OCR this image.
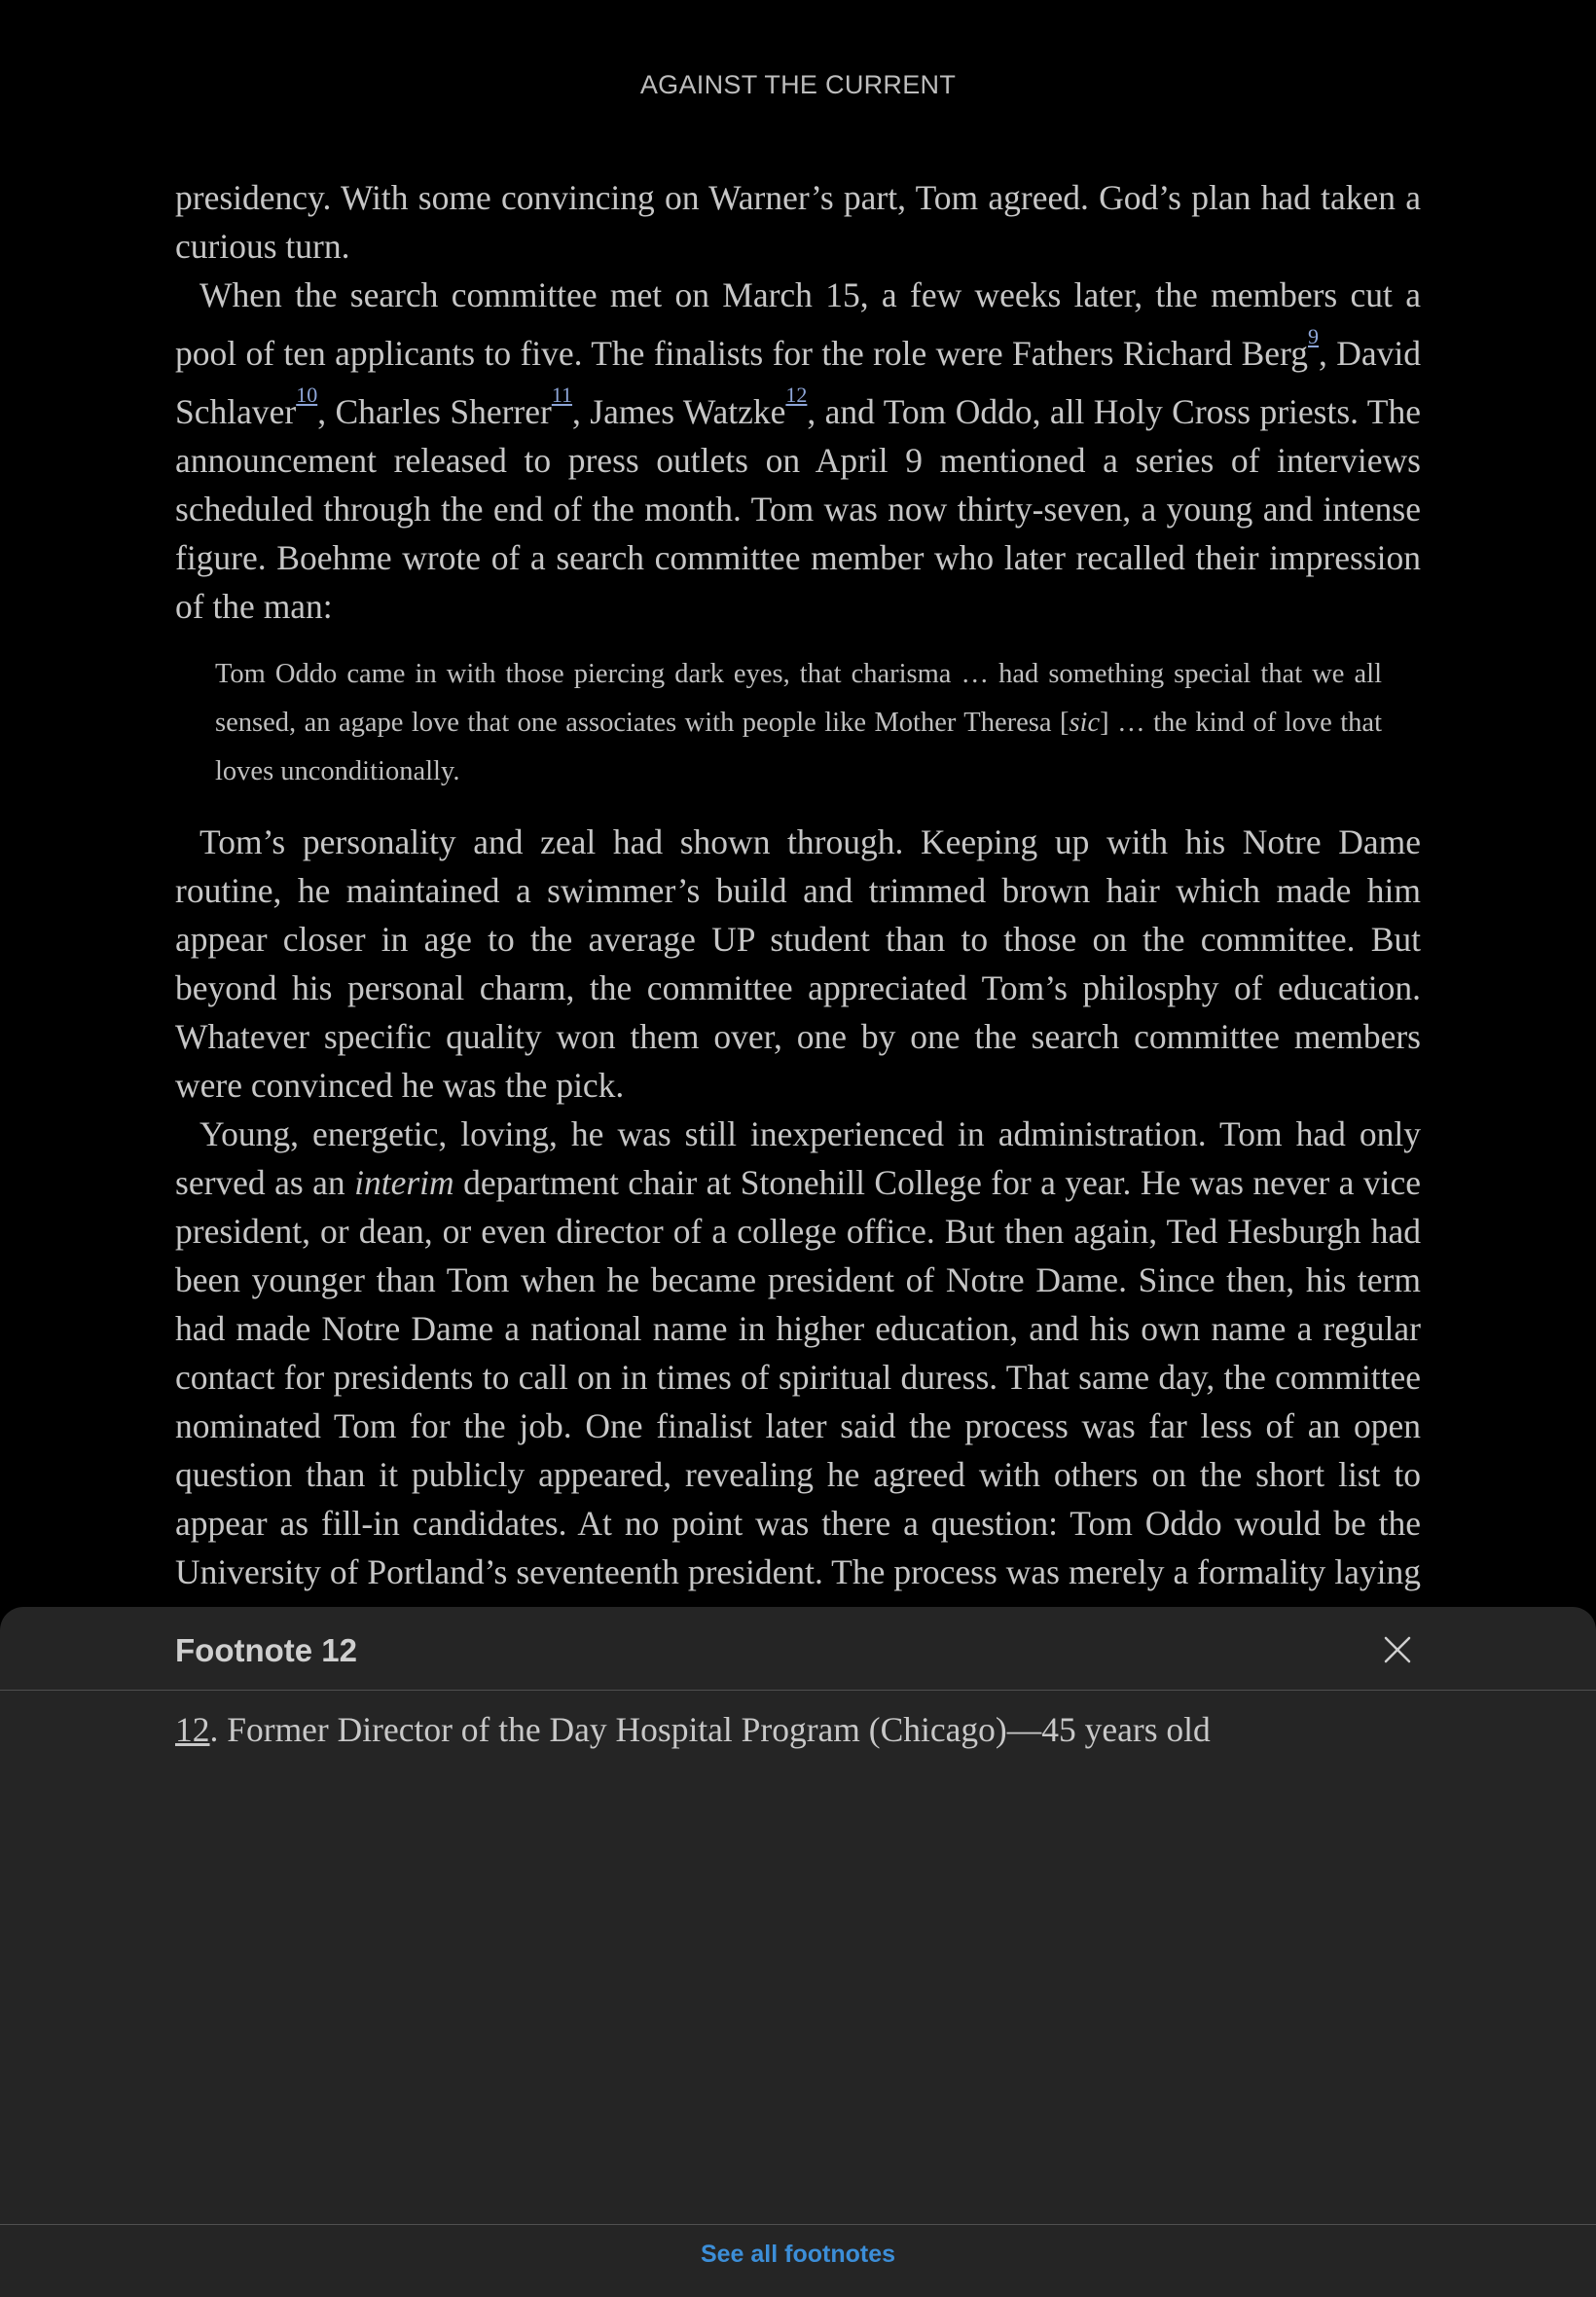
AGAINST THE CURRENT

presidency. With some convincing on Warner’s part, Tom agreed. God’s plan had taken a curious turn.

When the search committee met on March 15, a few weeks later, the members cut a pool of ten applicants to five. The finalists for the role were Fathers Richard Berg$^{^9}$, David Schlaver$^{^{10}}$, Charles Sherrer$^{^{11}}$, James Watzke$^{^{12}}$, and Tom Oddo, all Holy Cross priests. The announcement released to press outlets on April 9 mentioned a series of interviews scheduled through the end of the month. Tom was now thirty-seven, a young and intense figure. Boehme wrote of a search committee member who later recalled their impression of the man:

Tom Oddo came in with those piercing dark eyes, that charisma … had something special that we all sensed, an agape love that one associates with people like Mother Theresa [sic] … the kind of love that loves unconditionally.

Tom’s personality and zeal had shown through. Keeping up with his Notre Dame routine, he maintained a swimmer’s build and trimmed brown hair which made him appear closer in age to the average UP student than to those on the committee. But beyond his personal charm, the committee appreciated Tom’s philosphy of education. Whatever specific quality won them over, one by one the search committee members were convinced he was the pick.

Young, energetic, loving, he was still inexperienced in administration. Tom had only served as an interim department chair at Stonehill College for a year. He was never a vice president, or dean, or even director of a college office. But then again, Ted Hesburgh had been younger than Tom when he became president of Notre Dame. Since then, his term had made Notre Dame a national name in higher education, and his own name a regular contact for presidents to call on in times of spiritual duress. That same day, the committee nominated Tom for the job. One finalist later said the process was far less of an open question than it publicly appeared, revealing he agreed with others on the short list to appear as fill-in candidates. At no point was there a question: Tom Oddo would be the University of Portland’s seventeenth president. The process was merely a formality laying

Footnote 12
12. Former Director of the Day Hospital Program (Chicago)—45 years old
See all footnotes
